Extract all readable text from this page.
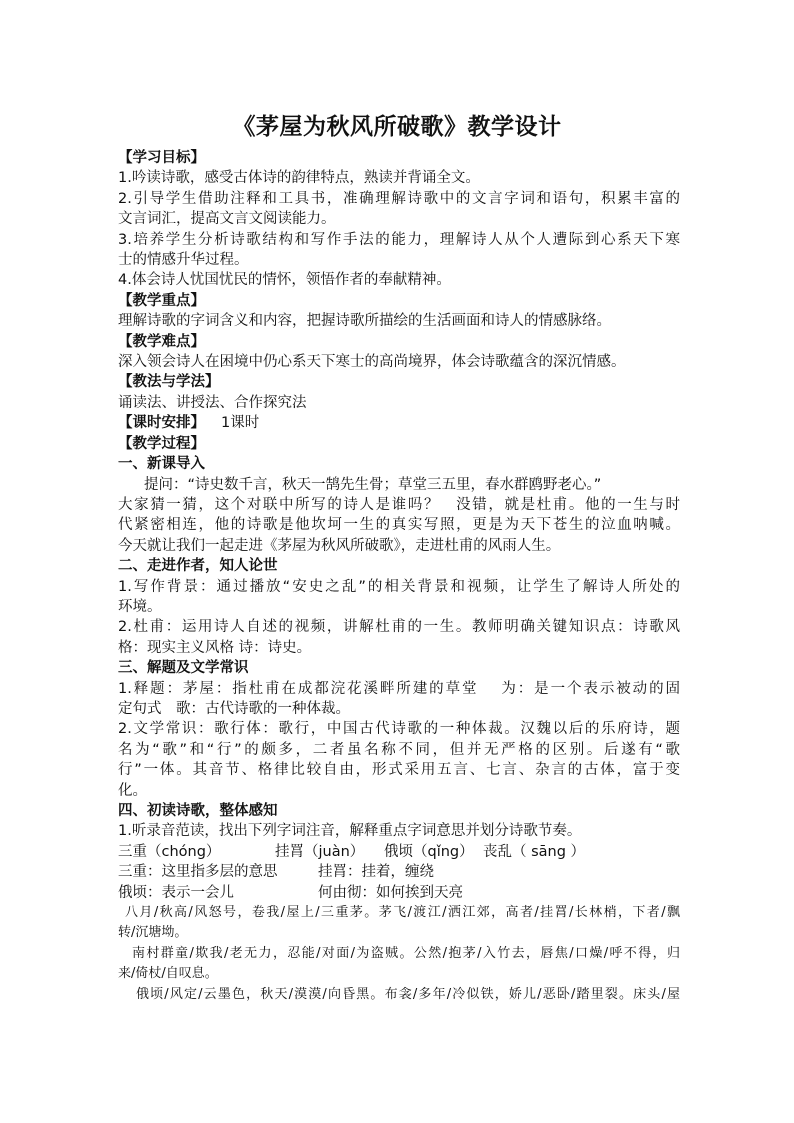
《茅屋为秋风所破歌》教学设计

【学习目标】

1.吟读诗歌，感受古体诗的韵律特点，熟读并背诵全文。

2.引导学生借助注释和工具书，准确理解诗歌中的文言字词和语句，积累丰富的

文言词汇，提高文言文阅读能力。

3.培养学生分析诗歌结构和写作手法的能力，理解诗人从个人遭际到心系天下寒

士的情感升华过程。

4.体会诗人忧国忧民的情怀，领悟作者的奉献精神。

【教学重点】

理解诗歌的字词含义和内容，把握诗歌所描绘的生活画面和诗人的情感脉络。

【教学难点】

深入领会诗人在困境中仍心系天下寒士的高尚境界，体会诗歌蕴含的深沉情感。

【教法与学法】

诵读法、讲授法、合作探究法

【课时安排】 1课时

【教学过程】

一、新课导入

提问：“诗史数千言，秋天一鹄先生骨；草堂三五里，春水群鸥野老心。”

大家猜一猜，这个对联中所写的诗人是谁吗？　没错，就是杜甫。他的一生与时

代紧密相连，他的诗歌是他坎坷一生的真实写照，更是为天下苍生的泣血呐喊。

今天就让我们一起走进《茅屋为秋风所破歌》，走进杜甫的风雨人生。

二、走进作者，知人论世

1.写作背景：通过播放“安史之乱”的相关背景和视频，让学生了解诗人所处的

环境。

2.杜甫：运用诗人自述的视频，讲解杜甫的一生。教师明确关键知识点：诗歌风

格：现实主义风格 诗：诗史。

三、解题及文学常识

1.释题：茅屋：指杜甫在成都浣花溪畔所建的草堂　 为：是一个表示被动的固

定句式　歌：古代诗歌的一种体裁。

2.文学常识：歌行体：歌行，中国古代诗歌的一种体裁。汉魏以后的乐府诗，题

名为“歌”和“行”的颇多，二者虽名称不同，但并无严格的区别。后遂有“歌

行”一体。其音节、格律比较自由，形式采用五言、七言、杂言的古体，富于变

化。

四、初读诗歌，整体感知

1.听录音范读，找出下列字词注音，解释重点字词意思并划分诗歌节奏。

三重（chóng）	挂罥（juàn）	俄顷（qǐng） 丧乱（ sāng ）
三重：这里指多层的意思	挂罥：挂着，缠绕
俄顷：表示一会儿	何由彻：如何挨到天亮

八月/秋高/风怒号，卷我/屋上/三重茅。茅飞/渡江/洒江郊，高者/挂罥/长林梢，下者/飘

转/沉塘坳。

南村群童/欺我/老无力，忍能/对面/为盗贼。公然/抱茅/入竹去，唇焦/口燥/呼不得，归

来/倚杖/自叹息。

俄顷/风定/云墨色，秋天/漠漠/向昏黑。布衾/多年/冷似铁，娇儿/恶卧/踏里裂。床头/屋
